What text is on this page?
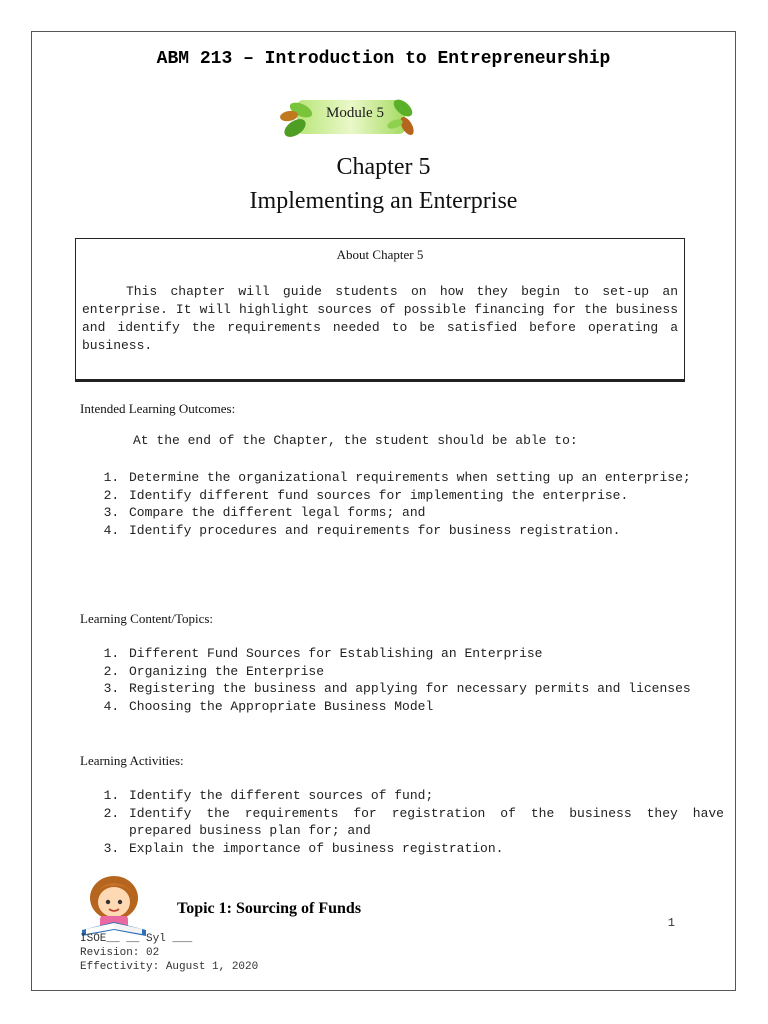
ABM 213 – Introduction to Entrepreneurship
Module 5
Chapter 5
Implementing an Enterprise
About Chapter 5
This chapter will guide students on how they begin to set-up an enterprise. It will highlight sources of possible financing for the business and identify the requirements needed to be satisfied before operating a business.
Intended Learning Outcomes:
At the end of the Chapter, the student should be able to:
1. Determine the organizational requirements when setting up an enterprise;
2. Identify different fund sources for implementing the enterprise.
3. Compare the different legal forms; and
4. Identify procedures and requirements for business registration.
Learning Content/Topics:
1. Different Fund Sources for Establishing an Enterprise
2. Organizing the Enterprise
3. Registering the business and applying for necessary permits and licenses
4. Choosing the Appropriate Business Model
Learning Activities:
1. Identify the different sources of fund;
2. Identify the requirements for registration of the business they have prepared business plan for; and
3. Explain the importance of business registration.
Topic 1: Sourcing of Funds
1
ISOE__ __ Syl ___
Revision: 02
Effectivity: August 1, 2020
